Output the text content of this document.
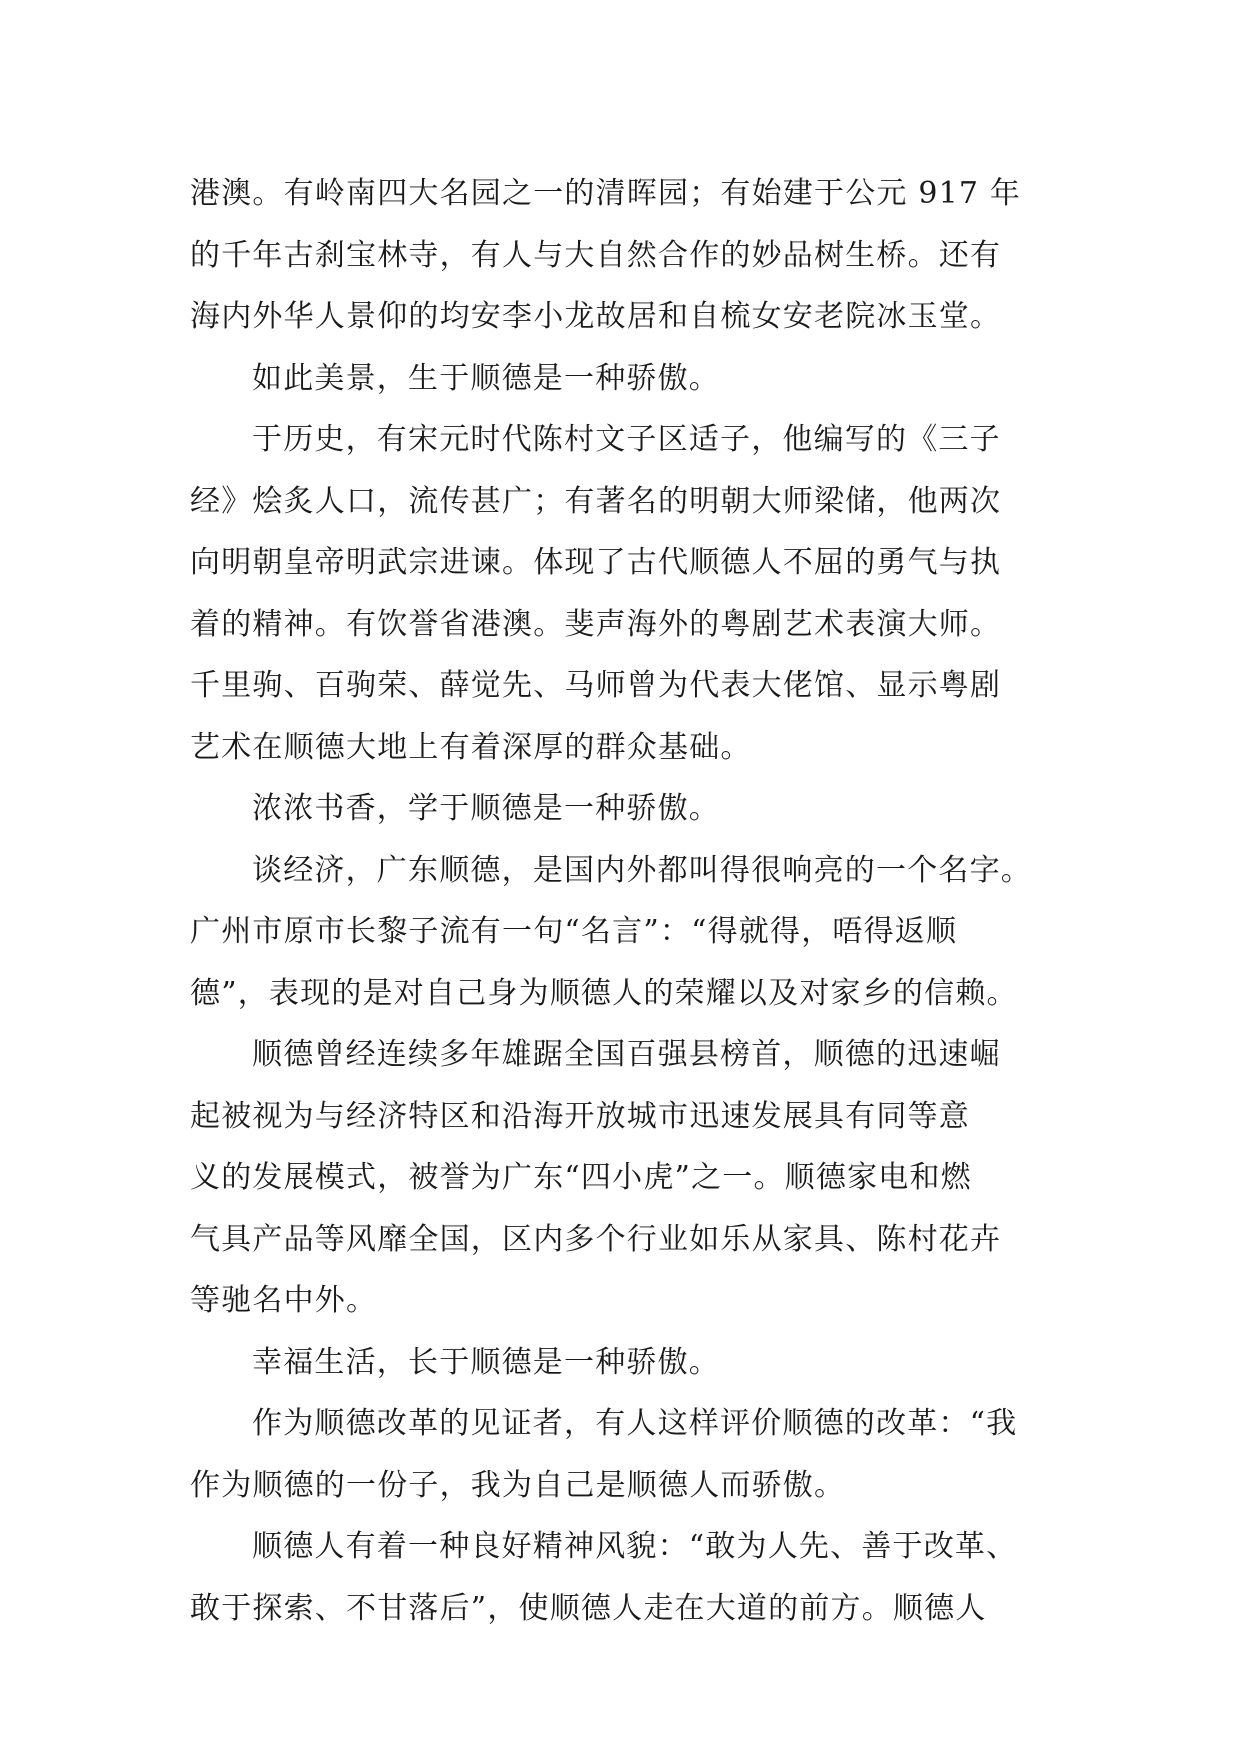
港澳。有岭南四大名园之一的清晖园；有始建于公元 917 年
的千年古刹宝林寺，有人与大自然合作的妙品树生桥。还有
海内外华人景仰的均安李小龙故居和自梳女安老院冰玉堂。
如此美景，生于顺德是一种骄傲。
于历史，有宋元时代陈村文子区适子，他编写的《三子
经》烩炙人口，流传甚广；有著名的明朝大师梁储，他两次
向明朝皇帝明武宗进谏。体现了古代顺德人不屈的勇气与执
着的精神。有饮誉省港澳。斐声海外的粤剧艺术表演大师。
千里驹、百驹荣、薛觉先、马师曾为代表大佬馆、显示粤剧
艺术在顺德大地上有着深厚的群众基础。
浓浓书香，学于顺德是一种骄傲。
谈经济，广东顺德，是国内外都叫得很响亮的一个名字。
广州市原市长黎子流有一句“名言”：“得就得，唔得返顺
德”，表现的是对自己身为顺德人的荣耀以及对家乡的信赖。
顺德曾经连续多年雄踞全国百强县榜首，顺德的迅速崛
起被视为与经济特区和沿海开放城市迅速发展具有同等意
义的发展模式，被誉为广东“四小虎”之一。顺德家电和燃
气具产品等风靡全国，区内多个行业如乐从家具、陈村花卉
等驰名中外。
幸福生活，长于顺德是一种骄傲。
作为顺德改革的见证者，有人这样评价顺德的改革：“我
作为顺德的一份子，我为自己是顺德人而骄傲。
顺德人有着一种良好精神风貌：“敢为人先、善于改革、
敢于探索、不甘落后”，使顺德人走在大道的前方。顺德人
